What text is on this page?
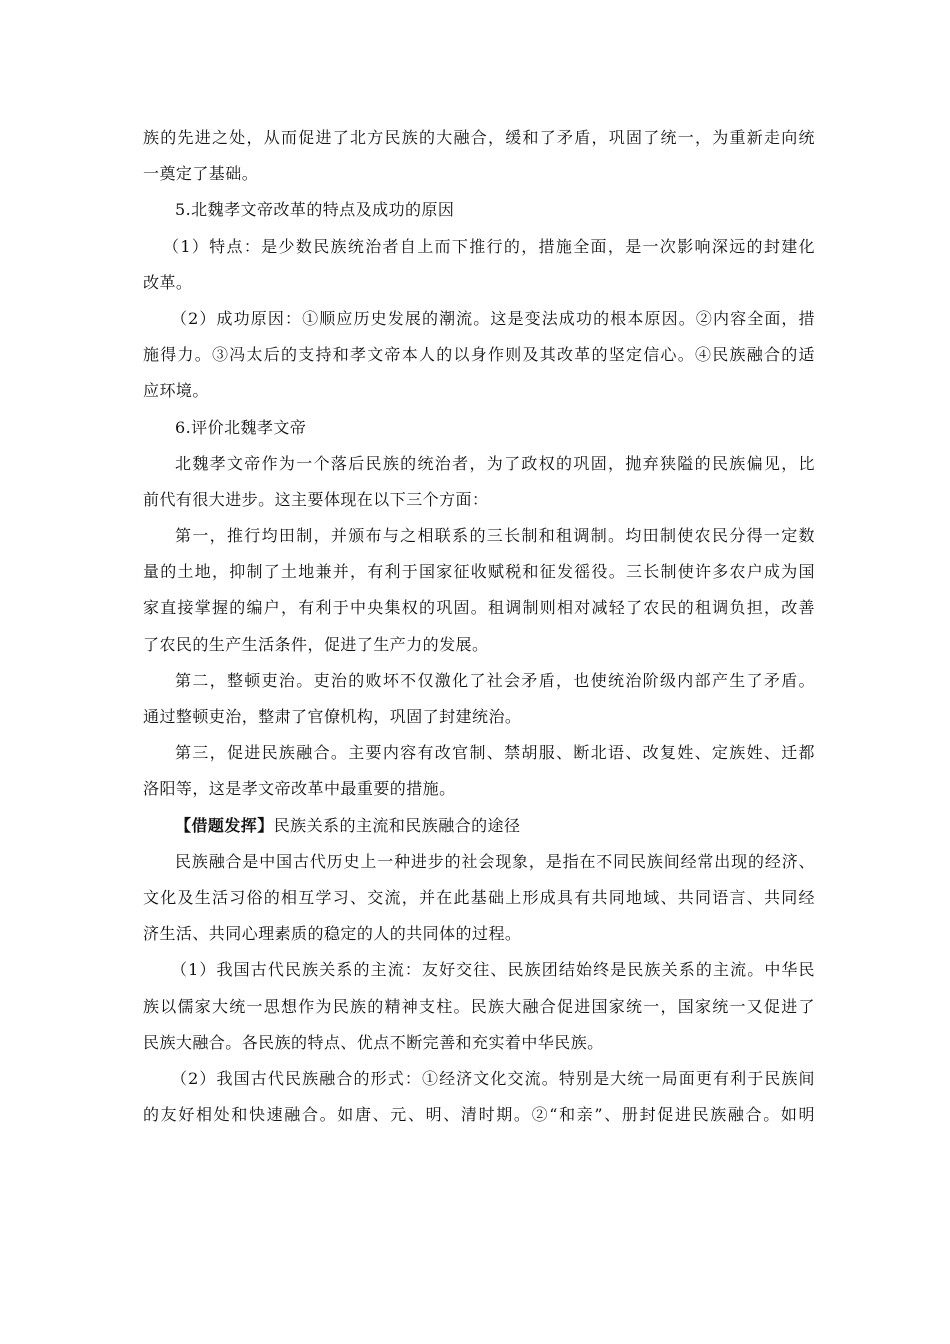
族的先进之处，从而促进了北方民族的大融合，缓和了矛盾，巩固了统一，为重新走向统
一奠定了基础。
5.北魏孝文帝改革的特点及成功的原因
（1）特点：是少数民族统治者自上而下推行的，措施全面，是一次影响深远的封建化
改革。
（2）成功原因：①顺应历史发展的潮流。这是变法成功的根本原因。②内容全面，措
施得力。③冯太后的支持和孝文帝本人的以身作则及其改革的坚定信心。④民族融合的适
应环境。
6.评价北魏孝文帝
北魏孝文帝作为一个落后民族的统治者，为了政权的巩固，抛弃狭隘的民族偏见，比
前代有很大进步。这主要体现在以下三个方面：
第一，推行均田制，并颁布与之相联系的三长制和租调制。均田制使农民分得一定数
量的土地，抑制了土地兼并，有利于国家征收赋税和征发徭役。三长制使许多农户成为国
家直接掌握的编户，有利于中央集权的巩固。租调制则相对减轻了农民的租调负担，改善
了农民的生产生活条件，促进了生产力的发展。
第二，整顿吏治。吏治的败坏不仅激化了社会矛盾，也使统治阶级内部产生了矛盾。
通过整顿吏治，整肃了官僚机构，巩固了封建统治。
第三，促进民族融合。主要内容有改官制、禁胡服、断北语、改复姓、定族姓、迁都
洛阳等，这是孝文帝改革中最重要的措施。
【借题发挥】民族关系的主流和民族融合的途径
民族融合是中国古代历史上一种进步的社会现象，是指在不同民族间经常出现的经济、
文化及生活习俗的相互学习、交流，并在此基础上形成具有共同地域、共同语言、共同经
济生活、共同心理素质的稳定的人的共同体的过程。
（1）我国古代民族关系的主流：友好交往、民族团结始终是民族关系的主流。中华民
族以儒家大统一思想作为民族的精神支柱。民族大融合促进国家统一，国家统一又促进了
民族大融合。各民族的特点、优点不断完善和充实着中华民族。
（2）我国古代民族融合的形式：①经济文化交流。特别是大统一局面更有利于民族间
的友好相处和快速融合。如唐、元、明、清时期。②“和亲”、册封促进民族融合。如明
